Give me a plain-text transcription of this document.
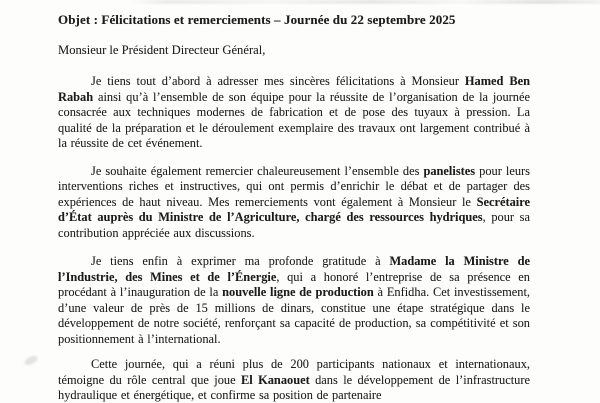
Objet : Félicitations et remerciements – Journée du 22 septembre 2025

Monsieur le Président Directeur Général,

Je tiens tout d’abord à adresser mes sincères félicitations à Monsieur Hamed Ben Rabah ainsi qu’à l’ensemble de son équipe pour la réussite de l’organisation de la journée consacrée aux techniques modernes de fabrication et de pose des tuyaux à pression. La qualité de la préparation et le déroulement exemplaire des travaux ont largement contribué à la réussite de cet événement.

Je souhaite également remercier chaleureusement l’ensemble des panelistes pour leurs interventions riches et instructives, qui ont permis d’enrichir le débat et de partager des expériences de haut niveau. Mes remerciements vont également à Monsieur le Secrétaire d’État auprès du Ministre de l’Agriculture, chargé des ressources hydriques, pour sa contribution appréciée aux discussions.

Je tiens enfin à exprimer ma profonde gratitude à Madame la Ministre de l’Industrie, des Mines et de l’Énergie, qui a honoré l’entreprise de sa présence en procédant à l’inauguration de la nouvelle ligne de production à Enfidha. Cet investissement, d’une valeur de près de 15 millions de dinars, constitue une étape stratégique dans le développement de notre société, renforçant sa capacité de production, sa compétitivité et son positionnement à l’international.

Cette journée, qui a réuni plus de 200 participants nationaux et internationaux, témoigne du rôle central que joue El Kanaouet dans le développement de l’infrastructure hydraulique et énergétique, et confirme sa position de partenaire
